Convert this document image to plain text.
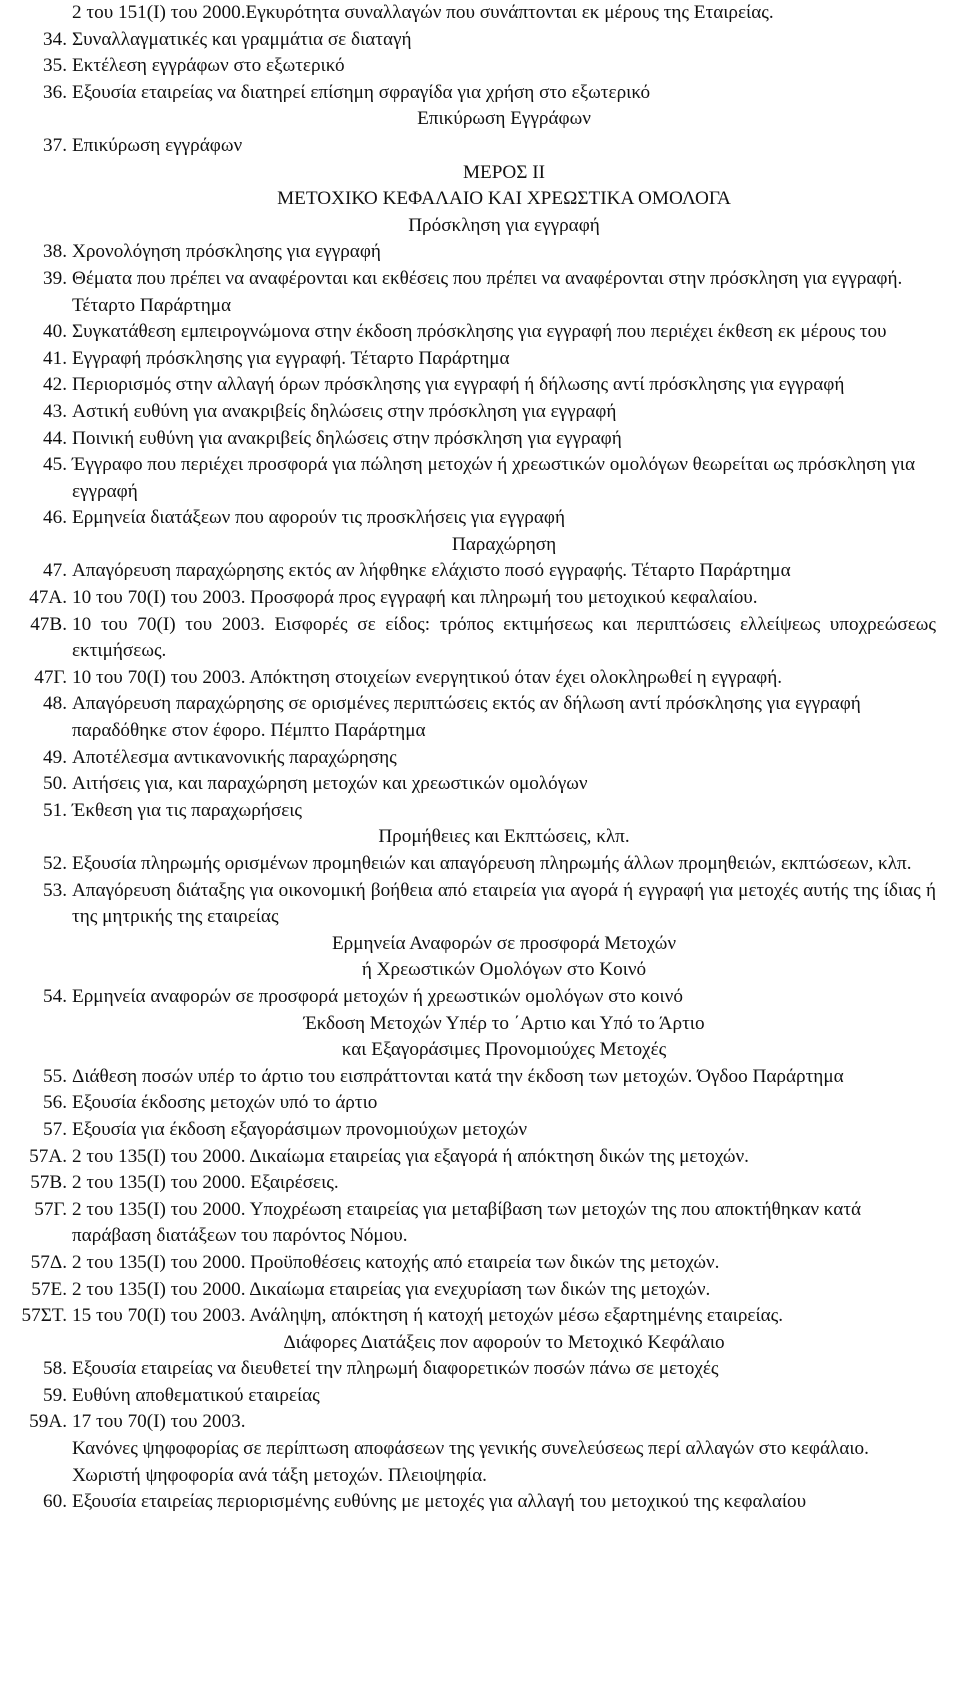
2 του 151(I) του 2000.Εγκυρότητα συναλλαγών που συνάπτονται εκ μέρους της Εταιρείας.
34. Συναλλαγματικές και γραμμάτια σε διαταγή
35. Εκτέλεση εγγράφων στο εξωτερικό
36. Εξουσία εταιρείας να διατηρεί επίσημη σφραγίδα για χρήση στο εξωτερικό
Επικύρωση Εγγράφων
37. Επικύρωση εγγράφων
ΜΕΡΟΣ ΙΙ
ΜΕΤΟΧΙΚΟ ΚΕΦΑΛΑΙΟ ΚΑΙ ΧΡΕΩΣΤΙΚΑ ΟΜΟΛΟΓΑ
Πρόσκληση για εγγραφή
38. Χρονολόγηση πρόσκλησης για εγγραφή
39. Θέματα που πρέπει να αναφέρονται και εκθέσεις που πρέπει να αναφέρονται στην πρόσκληση για εγγραφή. Τέταρτο Παράρτημα
40. Συγκατάθεση εμπειρογνώμονα στην έκδοση πρόσκλησης για εγγραφή που περιέχει έκθεση εκ μέρους του
41. Εγγραφή πρόσκλησης για εγγραφή. Τέταρτο Παράρτημα
42. Περιορισμός στην αλλαγή όρων πρόσκλησης για εγγραφή ή δήλωσης αντί πρόσκλησης για εγγραφή
43. Αστική ευθύνη για ανακριβείς δηλώσεις στην πρόσκληση για εγγραφή
44. Ποινική ευθύνη για ανακριβείς δηλώσεις στην πρόσκληση για εγγραφή
45. Έγγραφο που περιέχει προσφορά για πώληση μετοχών ή χρεωστικών ομολόγων θεωρείται ως πρόσκληση για εγγραφή
46. Ερμηνεία διατάξεων που αφορούν τις προσκλήσεις για εγγραφή
Παραχώρηση
47. Απαγόρευση παραχώρησης εκτός αν λήφθηκε ελάχιστο ποσό εγγραφής. Τέταρτο Παράρτημα
47Α. 10 του 70(Ι) του 2003. Προσφορά προς εγγραφή και πληρωμή του μετοχικού κεφαλαίου.
47Β. 10 του 70(Ι) του 2003. Εισφορές σε είδος: τρόπος εκτιμήσεως και περιπτώσεις ελλείψεως υποχρεώσεως εκτιμήσεως.
47Γ. 10 του 70(Ι) του 2003. Απόκτηση στοιχείων ενεργητικού όταν έχει ολοκληρωθεί η εγγραφή.
48. Απαγόρευση παραχώρησης σε ορισμένες περιπτώσεις εκτός αν δήλωση αντί πρόσκλησης για εγγραφή παραδόθηκε στον έφορο. Πέμπτο Παράρτημα
49. Αποτέλεσμα αντικανονικής παραχώρησης
50. Αιτήσεις για, και παραχώρηση μετοχών και χρεωστικών ομολόγων
51. Έκθεση για τις παραχωρήσεις
Προμήθειες και Εκπτώσεις, κλπ.
52. Εξουσία πληρωμής ορισμένων προμηθειών και απαγόρευση πληρωμής άλλων προμηθειών, εκπτώσεων, κλπ.
53. Απαγόρευση διάταξης για οικονομική βοήθεια από εταιρεία για αγορά ή εγγραφή για μετοχές αυτής της ίδιας ή της μητρικής της εταιρείας
Ερμηνεία Αναφορών σε προσφορά Μετοχών
ή Χρεωστικών Ομολόγων στο Κοινό
54. Ερμηνεία αναφορών σε προσφορά μετοχών ή χρεωστικών ομολόγων στο κοινό
Έκδοση Μετοχών Υπέρ το ΄Αρτιο και Υπό το Άρτιο
και Εξαγοράσιμες Προνομιούχες Μετοχές
55. Διάθεση ποσών υπέρ το άρτιο του εισπράττονται κατά την έκδοση των μετοχών. Όγδοο Παράρτημα
56. Εξουσία έκδοσης μετοχών υπό το άρτιο
57. Εξουσία για έκδοση εξαγοράσιμων προνομιούχων μετοχών
57Α. 2 του 135(Ι) του 2000. Δικαίωμα εταιρείας για εξαγορά ή απόκτηση δικών της μετοχών.
57Β. 2 του 135(Ι) του 2000. Εξαιρέσεις.
57Γ. 2 του 135(Ι) του 2000. Υποχρέωση εταιρείας για μεταβίβαση των μετοχών της που αποκτήθηκαν κατά παράβαση διατάξεων του παρόντος Νόμου.
57Δ. 2 του 135(Ι) του 2000. Προϋποθέσεις κατοχής από εταιρεία των δικών της μετοχών.
57Ε. 2 του 135(Ι) του 2000. Δικαίωμα εταιρείας για ενεχυρίαση των δικών της μετοχών.
57ΣΤ. 15 του 70(Ι) του 2003. Ανάληψη, απόκτηση ή κατοχή μετοχών μέσω εξαρτημένης εταιρείας.
Διάφορες Διατάξεις πον αφορούν το Μετοχικό Κεφάλαιο
58. Εξουσία εταιρείας να διευθετεί την πληρωμή διαφορετικών ποσών πάνω σε μετοχές
59. Ευθύνη αποθεματικού εταιρείας
59Α. 17 του 70(Ι) του 2003.
Κανόνες ψηφοφορίας σε περίπτωση αποφάσεων της γενικής συνελεύσεως περί αλλαγών στο κεφάλαιο. Χωριστή ψηφοφορία ανά τάξη μετοχών. Πλειοψηφία.
60. Εξουσία εταιρείας περιορισμένης ευθύνης με μετοχές για αλλαγή του μετοχικού της κεφαλαίου
